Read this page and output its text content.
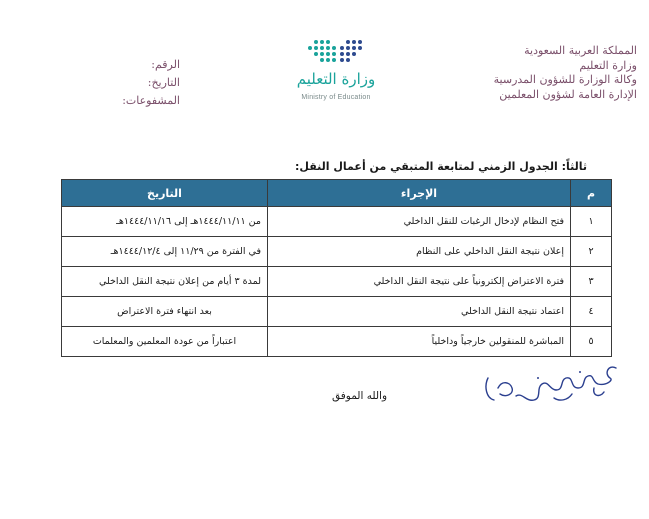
المملكة العربية السعودية
وزارة التعليم
وكالة الوزارة للشؤون المدرسية
الإدارة العامة لشؤون المعلمين
الرقم:
التاريخ:
المشفوعات:
وزارة التعليم
Ministry of Education
ثالثاً: الجدول الزمني لمتابعة المتبقي من أعمال النقل:
م	الإجراء	التاريخ
١	فتح النظام لإدخال الرغبات للنقل الداخلي	من ١٤٤٤/١١/١١هـ إلى ١٤٤٤/١١/١٦هـ
٢	إعلان نتيجة النقل الداخلي على النظام	في الفترة من ١١/٢٩ إلى ١٤٤٤/١٢/٤هـ
٣	فترة الاعتراض إلكترونياً على نتيجة النقل الداخلي	لمدة ٣ أيام من إعلان نتيجة النقل الداخلي
٤	اعتماد نتيجة النقل الداخلي	بعد انتهاء فترة الاعتراض
٥	المباشرة للمنقولين خارجياً وداخلياً	اعتباراً من عودة المعلمين والمعلمات
والله الموفق
